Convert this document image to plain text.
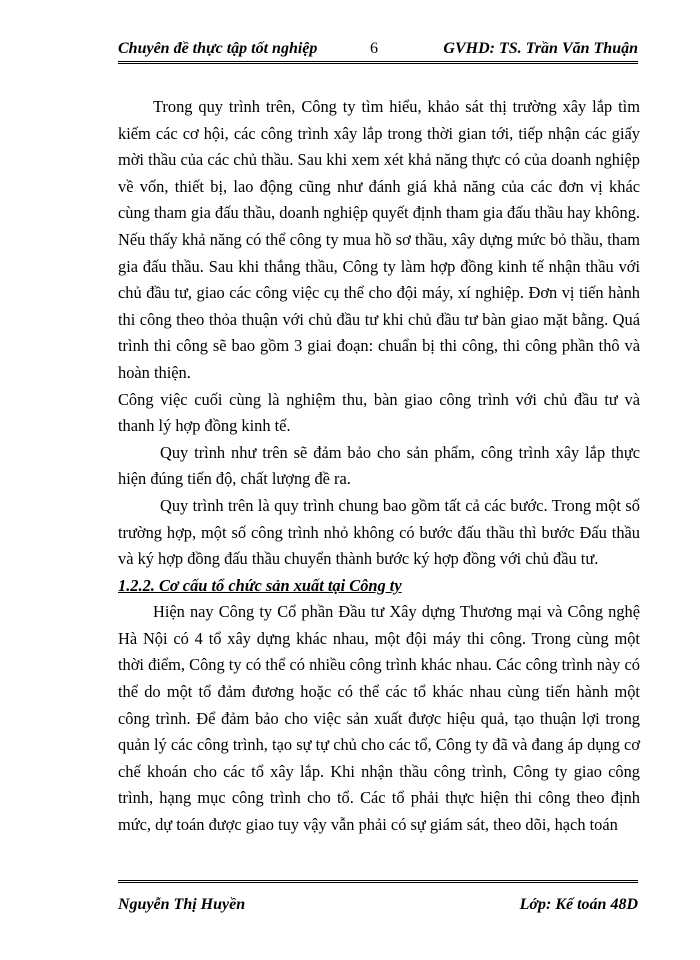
Chuyên đề thực tập tốt nghiệp	6	GVHD: TS. Trần Văn Thuận

Trong quy trình trên, Công ty tìm hiểu, khảo sát thị trường xây lắp tìm kiếm các cơ hội, các công trình xây lắp trong thời gian tới, tiếp nhận các giấy mời thầu của các chủ thầu. Sau khi xem xét khả năng thực có của doanh nghiệp về vốn, thiết bị, lao động cũng như đánh giá khả năng của các đơn vị khác cùng tham gia đấu thầu, doanh nghiệp quyết định tham gia đấu thầu hay không. Nếu thấy khả năng có thể công ty mua hồ sơ thầu, xây dựng mức bỏ thầu, tham gia đấu thầu. Sau khi thắng thầu, Công ty làm hợp đồng kinh tế nhận thầu với chủ đầu tư, giao các công việc cụ thể cho đội máy, xí nghiệp. Đơn vị tiến hành thi công theo thỏa thuận với chủ đầu tư khi chủ đầu tư bàn giao mặt bằng. Quá trình thi công sẽ bao gồm 3 giai đoạn: chuẩn bị thi công, thi công phần thô và hoàn thiện.

Công việc cuối cùng là nghiệm thu, bàn giao công trình với chủ đầu tư và thanh lý hợp đồng kinh tế.

Quy trình như trên sẽ đảm bảo cho sản phẩm, công trình xây lắp thực hiện đúng tiến độ, chất lượng đề ra.

Quy trình trên là quy trình chung bao gồm tất cả các bước. Trong một số trường hợp, một số công trình nhỏ không có bước đấu thầu thì bước Đấu thầu và ký hợp đồng đấu thầu chuyển thành bước ký hợp đồng với chủ đầu tư.

1.2.2. Cơ cấu tổ chức sản xuất tại Công ty

Hiện nay Công ty Cổ phần Đầu tư Xây dựng Thương mại và Công nghệ Hà Nội có 4 tổ xây dựng khác nhau, một đội máy thi công. Trong cùng một thời điểm, Công ty có thể có nhiều công trình khác nhau. Các công trình này có thể do một tổ đảm đương hoặc có thể các tổ khác nhau cùng tiến hành một công trình. Để đảm bảo cho việc sản xuất được hiệu quả, tạo thuận lợi trong quản lý các công trình, tạo sự tự chủ cho các tổ, Công ty đã và đang áp dụng cơ chế khoán cho các tổ xây lắp. Khi nhận thầu công trình, Công ty giao công trình, hạng mục công trình cho tổ. Các tổ phải thực hiện thi công theo định mức, dự toán được giao tuy vậy vẫn phải có sự giám sát, theo dõi, hạch toán

Nguyễn Thị Huyền	Lớp: Kế toán 48D
